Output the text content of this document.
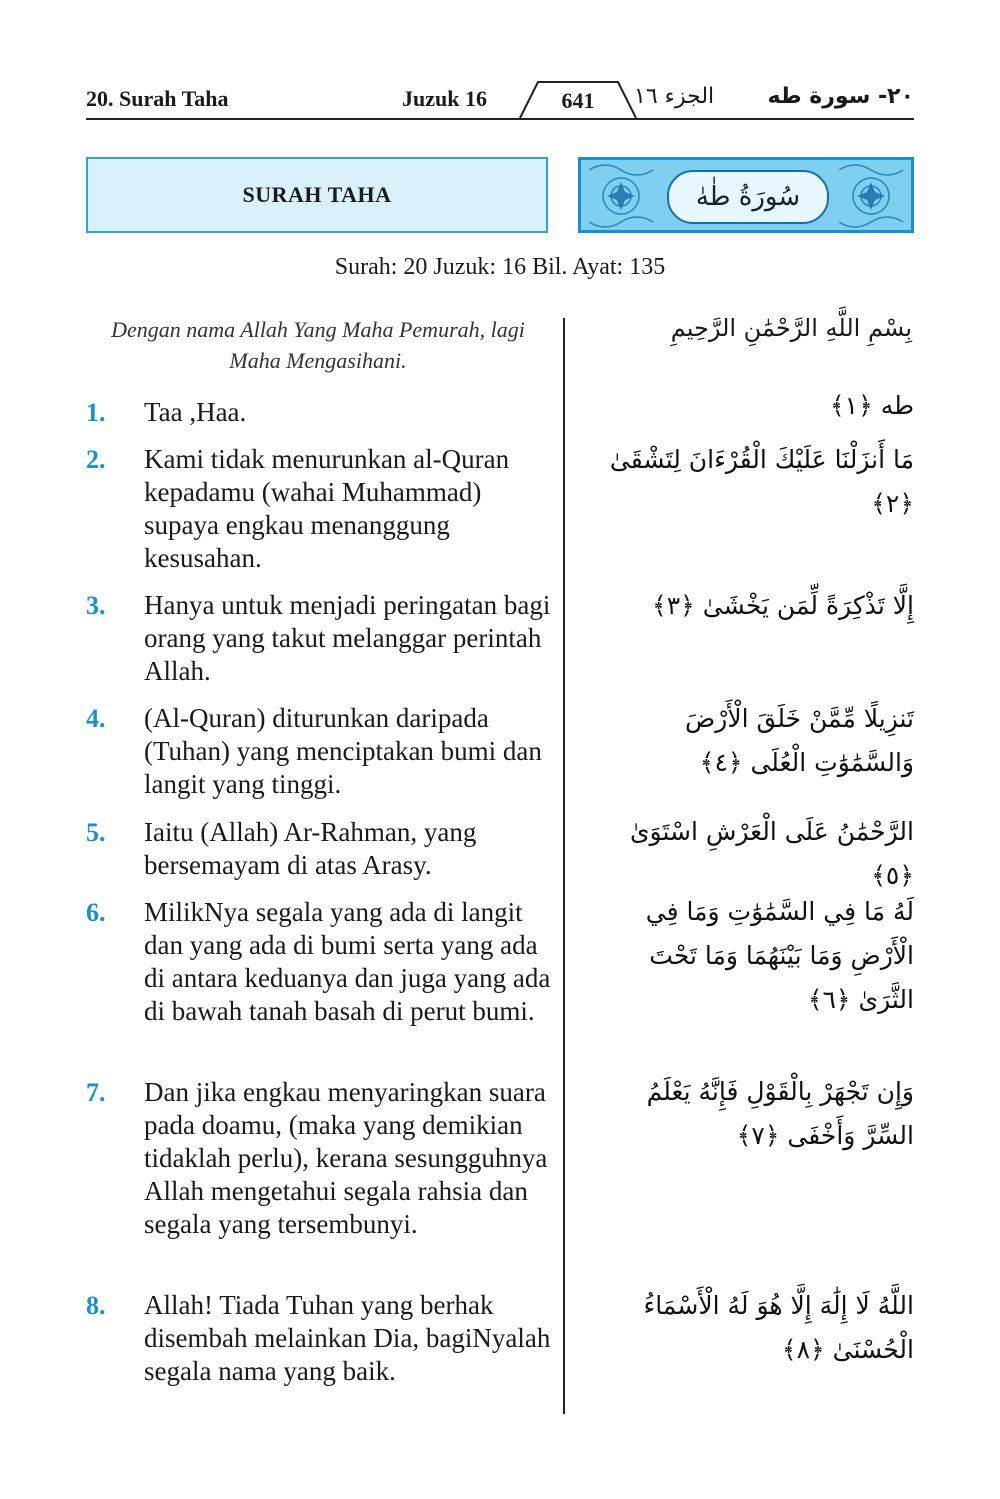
20. Surah Taha	Juzuk 16	641	الجزء ١٦ ٢٠- سورة طه
SURAH TAHA	سُورَةُ طٰهٰ
Surah: 20 Juzuk: 16 Bil. Ayat: 135
Dengan nama Allah Yang Maha Pemurah, lagi Maha Mengasihani.
بِسْمِ اللَّهِ الرَّحْمَٰنِ الرَّحِيمِ
1. Taa ,Haa.	طه ﴿١﴾
2. Kami tidak menurunkan al-Quran kepadamu (wahai Muhammad) supaya engkau menanggung kesusahan.
مَا أَنزَلْنَا عَلَيْكَ الْقُرْءَانَ لِتَشْقَىٰ ﴿٢﴾
3. Hanya untuk menjadi peringatan bagi orang yang takut melanggar perintah Allah.
إِلَّا تَذْكِرَةً لِّمَن يَخْشَىٰ ﴿٣﴾
4. (Al-Quran) diturunkan daripada (Tuhan) yang menciptakan bumi dan langit yang tinggi.
تَنزِيلًا مِّمَّنْ خَلَقَ الْأَرْضَ وَالسَّمَٰوَٰتِ الْعُلَى ﴿٤﴾
5. Iaitu (Allah) Ar-Rahman, yang bersemayam di atas Arasy.
الرَّحْمَٰنُ عَلَى الْعَرْشِ اسْتَوَىٰ ﴿٥﴾
6. MilikNya segala yang ada di langit dan yang ada di bumi serta yang ada di antara keduanya dan juga yang ada di bawah tanah basah di perut bumi.
لَهُ مَا فِي السَّمَٰوَٰتِ وَمَا فِي الْأَرْضِ وَمَا بَيْنَهُمَا وَمَا تَحْتَ الثَّرَىٰ ﴿٦﴾
7. Dan jika engkau menyaringkan suara pada doamu, (maka yang demikian tidaklah perlu), kerana sesungguhnya Allah mengetahui segala rahsia dan segala yang tersembunyi.
وَإِن تَجْهَرْ بِالْقَوْلِ فَإِنَّهُ يَعْلَمُ السِّرَّ وَأَخْفَى ﴿٧﴾
8. Allah! Tiada Tuhan yang berhak disembah melainkan Dia, bagiNyalah segala nama yang baik.
اللَّهُ لَا إِلَٰهَ إِلَّا هُوَ لَهُ الْأَسْمَاءُ الْحُسْنَىٰ ﴿٨﴾
